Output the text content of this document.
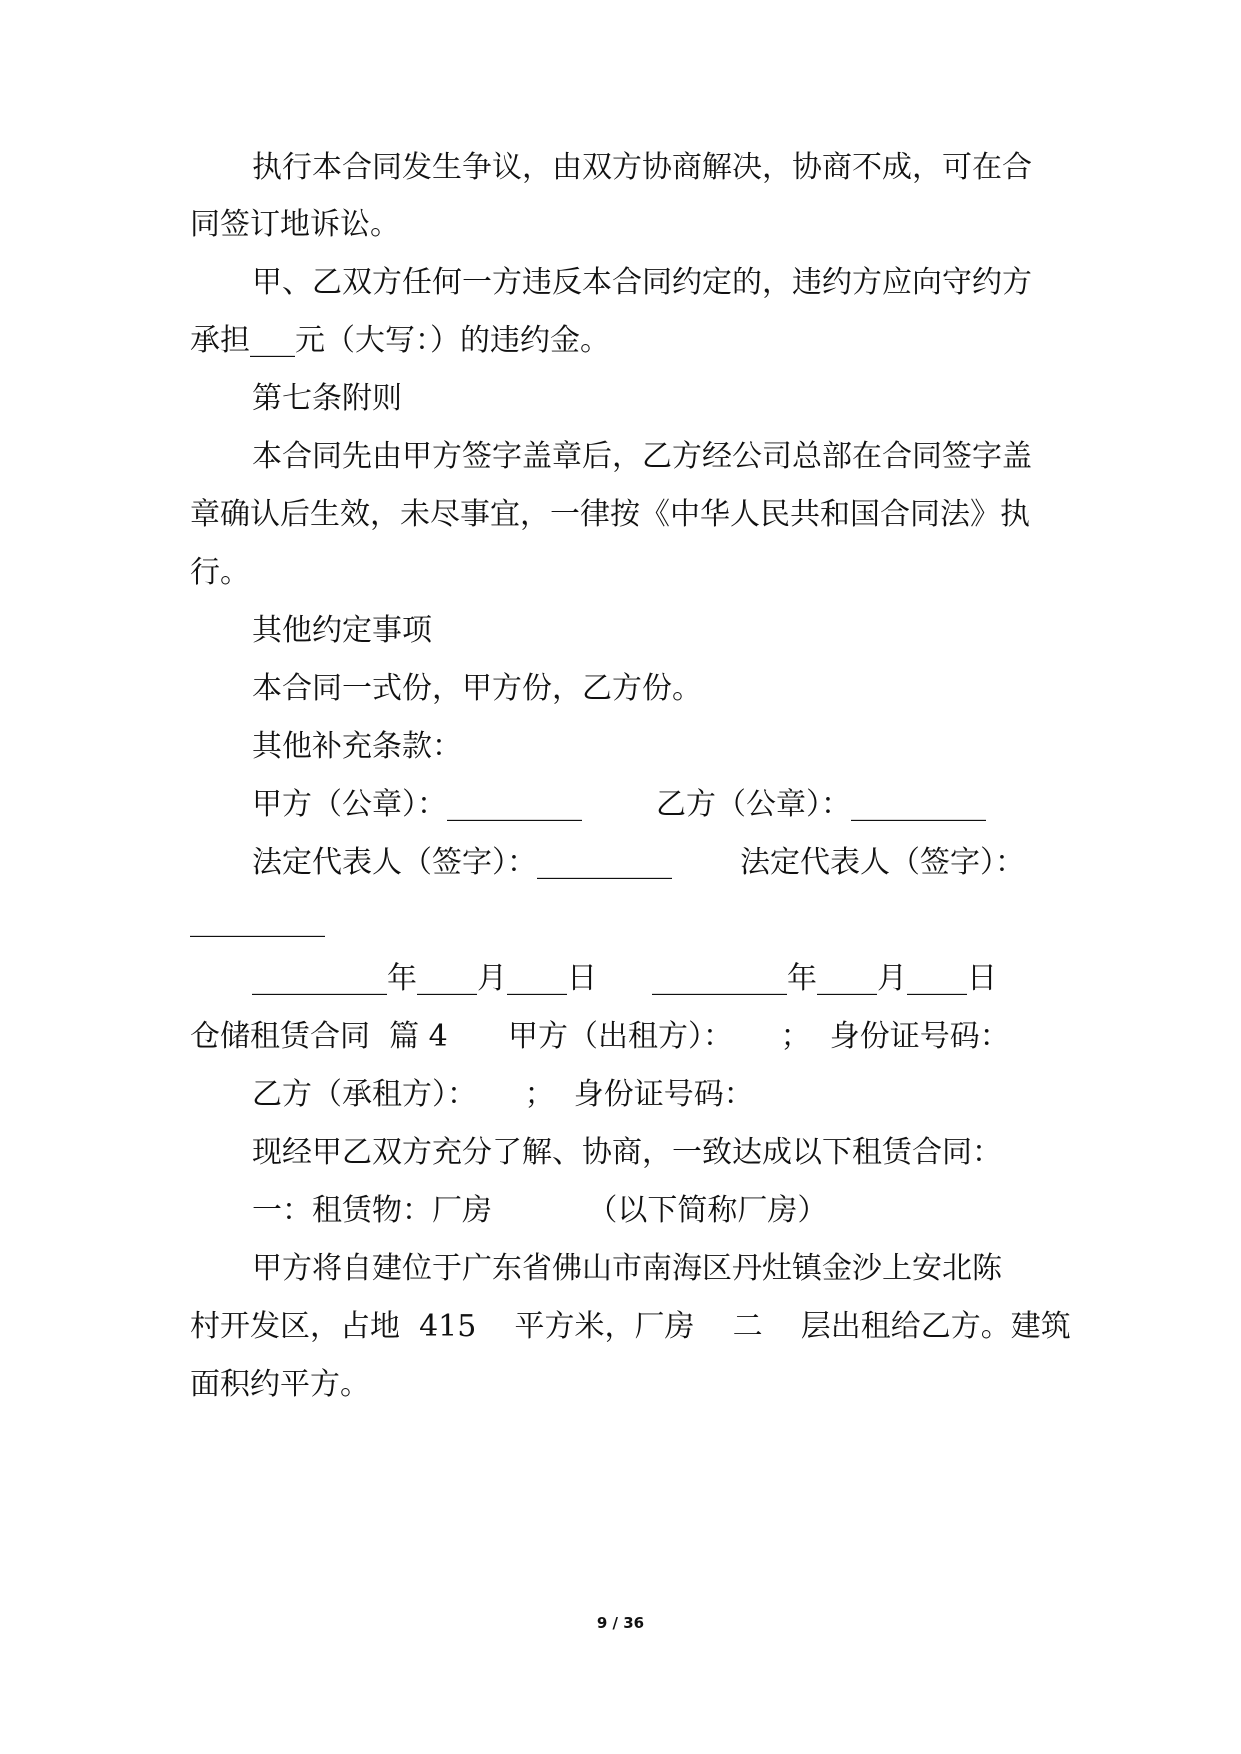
执行本合同发生争议，由双方协商解决，协商不成，可在合
同签订地诉讼。
甲、乙双方任何一方违反本合同约定的，违约方应向守约方
承担___元（大写：）的违约金。
第七条附则
本合同先由甲方签字盖章后，乙方经公司总部在合同签字盖
章确认后生效，未尽事宜，一律按《中华人民共和国合同法》执
行。
其他约定事项
本合同一式份，甲方份，乙方份。
其他补充条款：
甲方（公章）：_________ 乙方（公章）：_________
法定代表人（签字）：_________ 法定代表人（签字）：
_________
_________年____月____日 _________年____月____日
仓储租赁合同  篇 4 甲方（出租方）：     ；  身份证号码：
乙方（承租方）：     ；  身份证号码：
现经甲乙双方充分了解、协商，一致达成以下租赁合同：
一：租赁物：厂房          （以下简称厂房）
甲方将自建位于广东省佛山市南海区丹灶镇金沙上安北陈
村开发区，占地  415    平方米，厂房    二    层出租给乙方。建筑
面积约平方。
9 / 36
